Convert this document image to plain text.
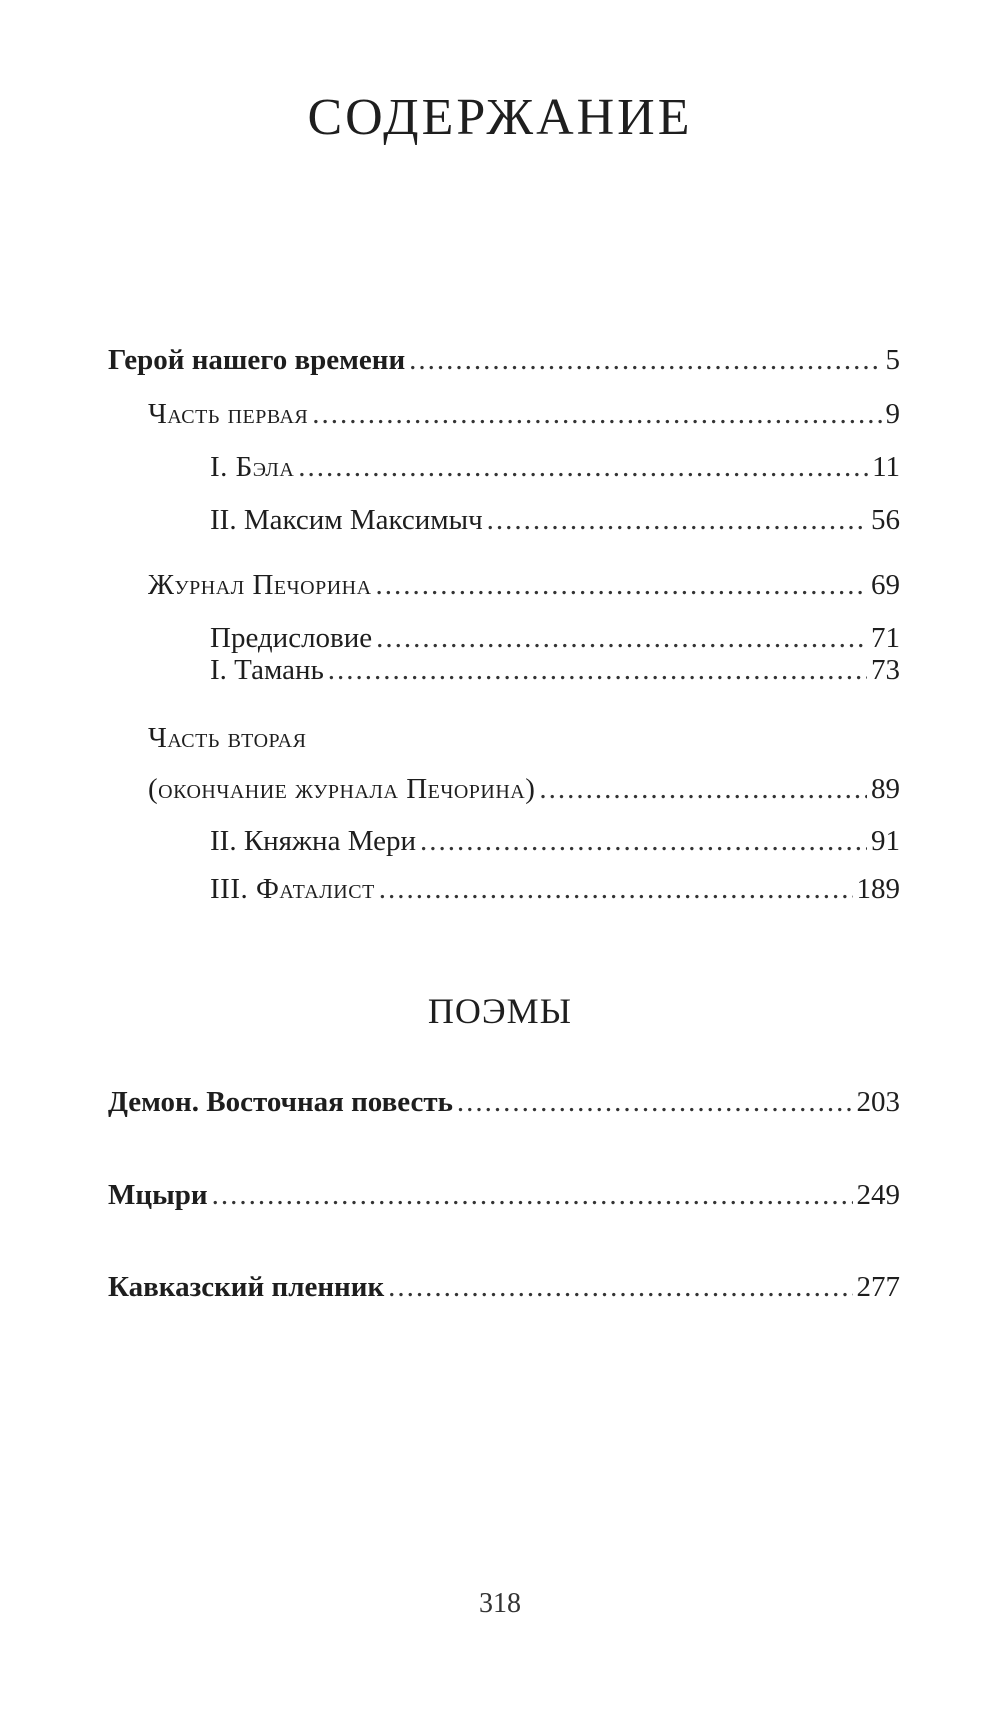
СОДЕРЖАНИЕ
Герой нашего времени .....	5
Часть первая .....	9
I. Бэла .....	11
II. Максим Максимыч .....	56
Журнал Печорина .....	69
Предисловие .....	71
I. Тамань .....	73
Часть вторая
(окончание журнала Печорина) .....	89
II. Княжна Мери .....	91
III. Фаталист .....	189
ПОЭМЫ
Демон. Восточная повесть .....	203
Мцыри .....	249
Кавказский пленник .....	277
318
